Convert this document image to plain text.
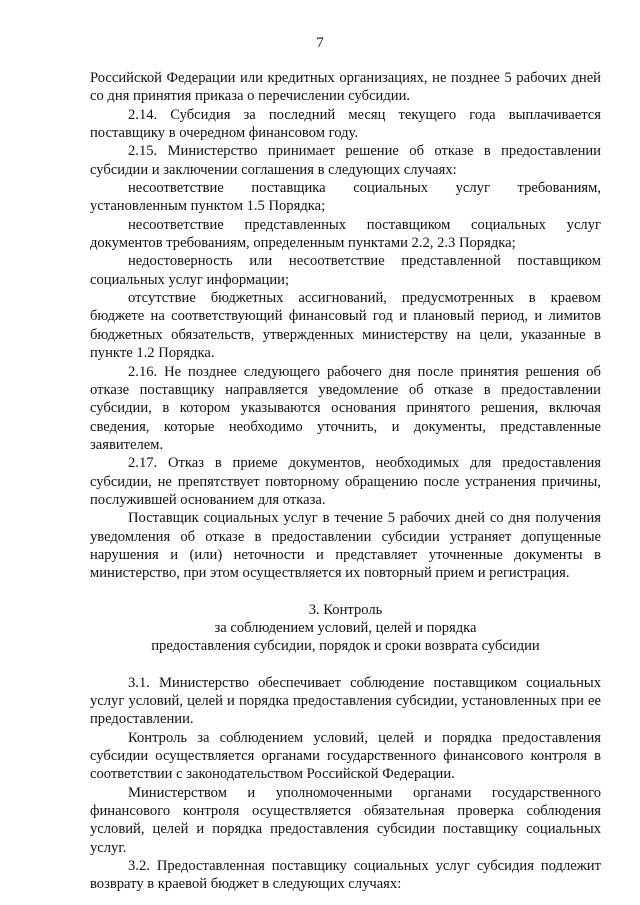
7

Российской Федерации или кредитных организациях, не позднее 5 рабочих дней со дня принятия приказа о перечислении субсидии.

2.14. Субсидия за последний месяц текущего года выплачивается поставщику в очередном финансовом году.

2.15. Министерство принимает решение об отказе в предоставлении субсидии и заключении соглашения в следующих случаях:

несоответствие поставщика социальных услуг требованиям, установленным пунктом 1.5 Порядка;

несоответствие представленных поставщиком социальных услуг документов требованиям, определенным пунктами 2.2, 2.3 Порядка;

недостоверность или несоответствие представленной поставщиком социальных услуг информации;

отсутствие бюджетных ассигнований, предусмотренных в краевом бюджете на соответствующий финансовый год и плановый период, и лимитов бюджетных обязательств, утвержденных министерству на цели, указанные в пункте 1.2 Порядка.

2.16. Не позднее следующего рабочего дня после принятия решения об отказе поставщику направляется уведомление об отказе в предоставлении субсидии, в котором указываются основания принятого решения, включая сведения, которые необходимо уточнить, и документы, представленные заявителем.

2.17. Отказ в приеме документов, необходимых для предоставления субсидии, не препятствует повторному обращению после устранения причины, послужившей основанием для отказа.

Поставщик социальных услуг в течение 5 рабочих дней со дня получения уведомления об отказе в предоставлении субсидии устраняет допущенные нарушения и (или) неточности и представляет уточненные документы в министерство, при этом осуществляется их повторный прием и регистрация.

3. Контроль

за соблюдением условий, целей и порядка

предоставления субсидии, порядок и сроки возврата субсидии

3.1. Министерство обеспечивает соблюдение поставщиком социальных услуг условий, целей и порядка предоставления субсидии, установленных при ее предоставлении.

Контроль за соблюдением условий, целей и порядка предоставления субсидии осуществляется органами государственного финансового контроля в соответствии с законодательством Российской Федерации.

Министерством и уполномоченными органами государственного финансового контроля осуществляется обязательная проверка соблюдения условий, целей и порядка предоставления субсидии поставщику социальных услуг.

3.2. Предоставленная поставщику социальных услуг субсидия подлежит возврату в краевой бюджет в следующих случаях:
